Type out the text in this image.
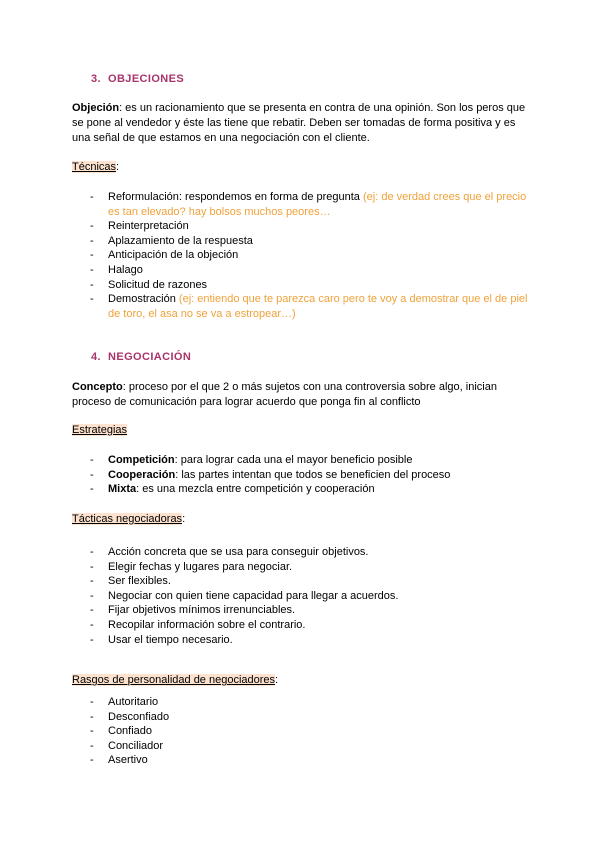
3. OBJECIONES
Objeción: es un racionamiento que se presenta en contra de una opinión. Son los peros que se pone al vendedor y éste las tiene que rebatir. Deben ser tomadas de forma positiva y es una señal de que estamos en una negociación con el cliente.
Técnicas:
- Reformulación: respondemos en forma de pregunta (ej: de verdad crees que el precio es tan elevado? hay bolsos muchos peores…
- Reinterpretación
- Aplazamiento de la respuesta
- Anticipación de la objeción
- Halago
- Solicitud de razones
- Demostración (ej: entiendo que te parezca caro pero te voy a demostrar que el de piel de toro, el asa no se va a estropear…)
4. NEGOCIACIÓN
Concepto: proceso por el que 2 o más sujetos con una controversia sobre algo, inician proceso de comunicación para lograr acuerdo que ponga fin al conflicto
Estrategias
- Competición: para lograr cada una el mayor beneficio posible
- Cooperación: las partes intentan que todos se beneficien del proceso
- Mixta: es una mezcla entre competición y cooperación
Tácticas negociadoras:
- Acción concreta que se usa para conseguir objetivos.
- Elegir fechas y lugares para negociar.
- Ser flexibles.
- Negociar con quien tiene capacidad para llegar a acuerdos.
- Fijar objetivos mínimos irrenunciables.
- Recopilar información sobre el contrario.
- Usar el tiempo necesario.
Rasgos de personalidad de negociadores:
- Autoritario
- Desconfiado
- Confiado
- Conciliador
- Asertivo
